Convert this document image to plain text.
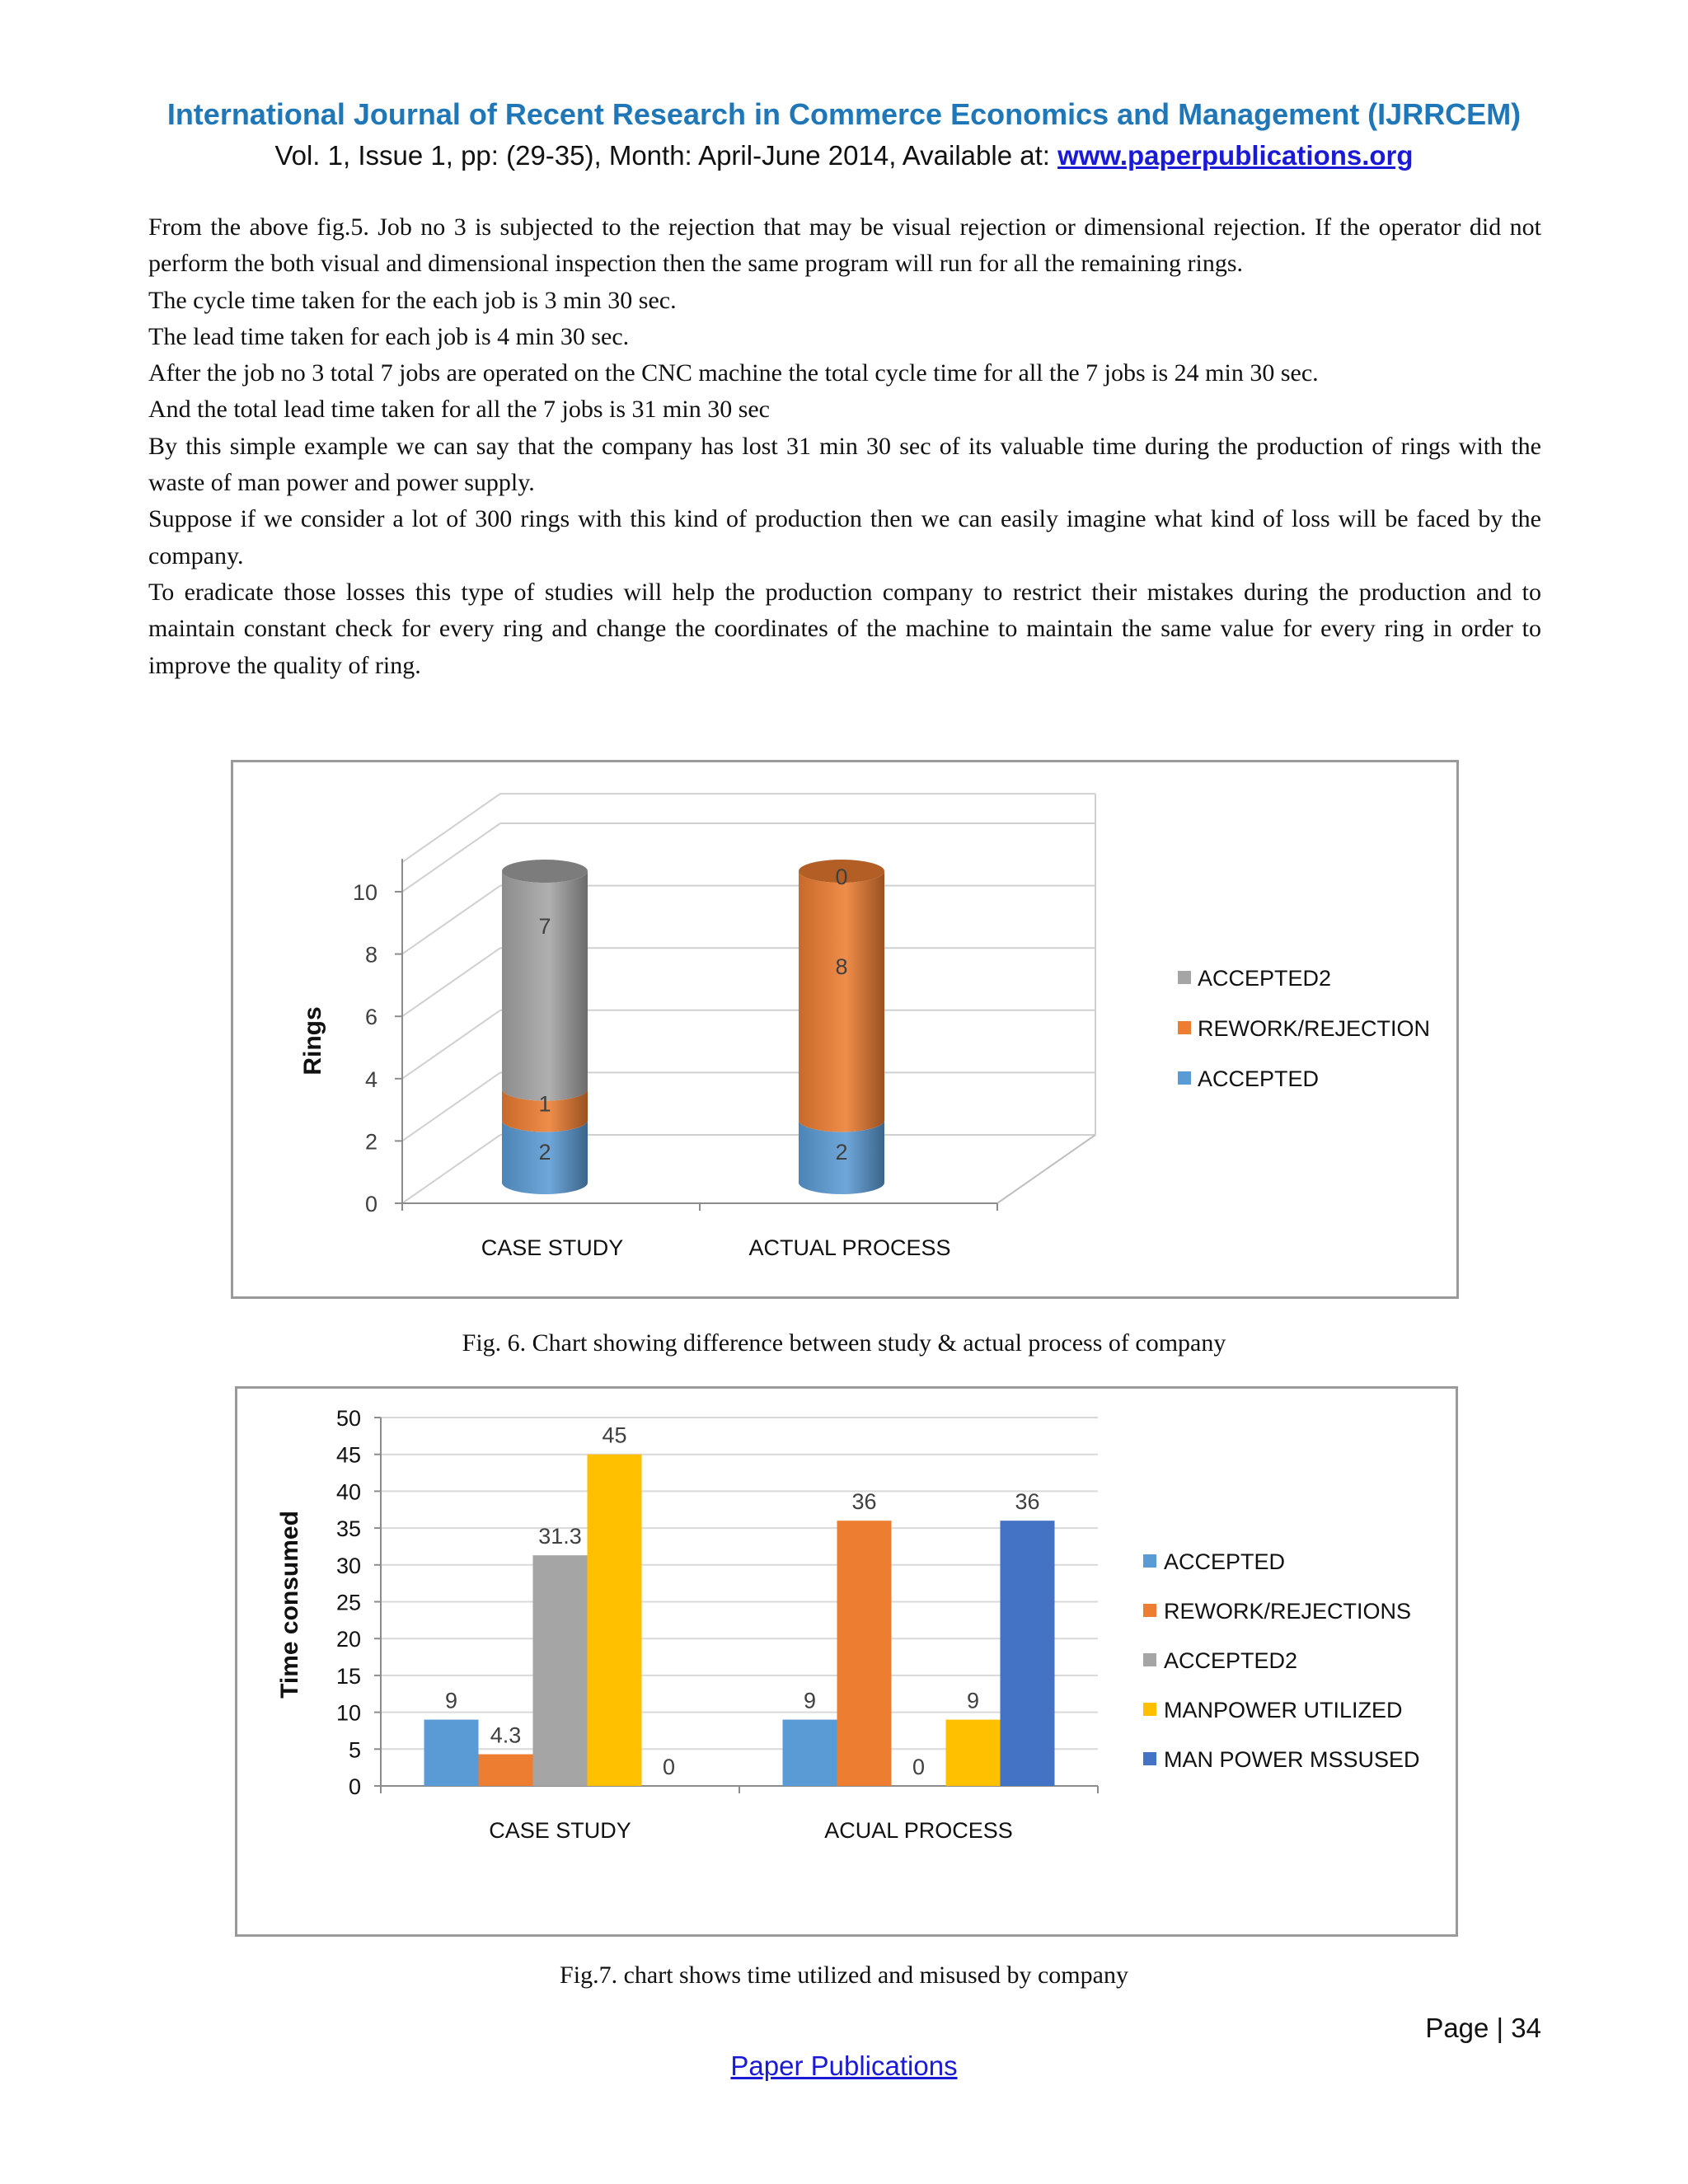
International Journal of Recent Research in Commerce Economics and Management (IJRRCEM)
Vol. 1, Issue 1, pp: (29-35), Month: April-June 2014, Available at: www.paperpublications.org

From the above fig.5. Job no 3 is subjected to the rejection that may be visual rejection or dimensional rejection. If the operator did not perform the both visual and dimensional inspection then the same program will run for all the remaining rings.

The cycle time taken for the each job is 3 min 30 sec.

The lead time taken for each job is 4 min 30 sec.

After the job no 3 total 7 jobs are operated on the CNC machine the total cycle time for all the 7 jobs is 24 min 30 sec.

And the total lead time taken for all the 7 jobs is 31 min 30 sec

By this simple example we can say that the company has lost 31 min 30 sec of its valuable time during the production of rings with the waste of man power and power supply.

Suppose if we consider a lot of 300 rings with this kind of production then we can easily imagine what kind of loss will be faced by the company.

To eradicate those losses this type of studies will help the production company to restrict their mistakes during the production and to maintain constant check for every ring and change the coordinates of the machine to maintain the same value for every ring in order to improve the quality of ring.

0
2
4
6
8
10
Rings
2
1
7
CASE STUDY
2
8
0
ACTUAL PROCESS
ACCEPTED2
REWORK/REJECTION
ACCEPTED
Fig. 6. Chart showing difference between study & actual process of company
0
5
10
15
20
25
30
35
40
45
50
Time consumed
9
4.3
31.3
45
0
CASE STUDY
9
36
0
9
36
ACUAL PROCESS
ACCEPTED
REWORK/REJECTIONS
ACCEPTED2
MANPOWER UTILIZED
MAN POWER MSSUSED
Fig.7. chart shows time utilized and misused by company
Page | 34
Paper Publications
